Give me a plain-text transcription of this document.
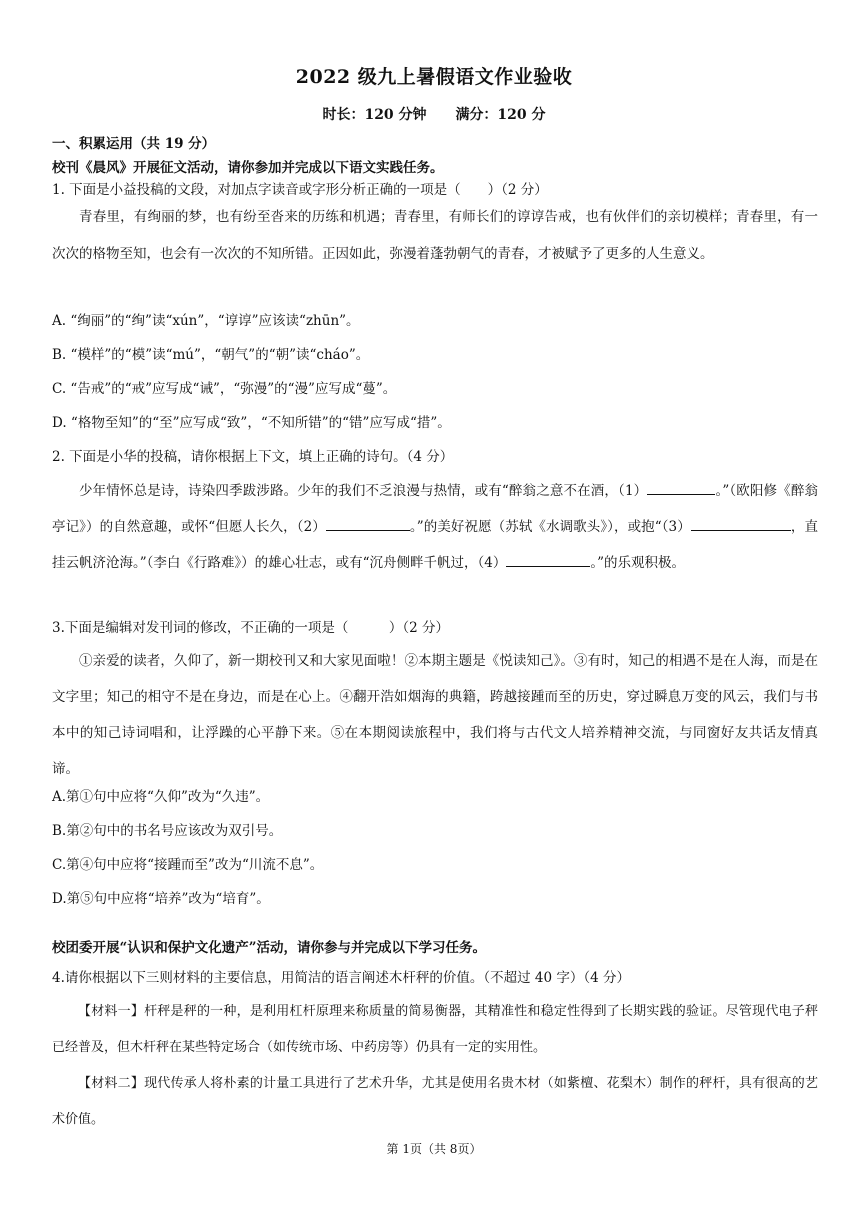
2022 级九上暑假语文作业验收
时长：120 分钟 满分：120 分
一、积累运用（共 19 分）
校刊《晨风》开展征文活动，请你参加并完成以下语文实践任务。
1. 下面是小益投稿的文段，对加点字读音或字形分析正确的一项是（　　）（2 分）
青春里，有绚丽的梦，也有纷至沓来的历练和机遇；青春里，有师长们的谆谆告戒，也有伙伴们的亲切模样；青春里，有一次次的格物至知，也会有一次次的不知所错。正因如此，弥漫着蓬勃朝气的青春，才被赋予了更多的人生意义。
A. “绚丽”的“绚”读“xún”，“谆谆”应该读“zhūn”。
B. “模样”的“模”读“mú”，“朝气”的“朝”读“cháo”。
C. “告戒”的“戒”应写成“诫”，“弥漫”的“漫”应写成“蔓”。
D. “格物至知”的“至”应写成“致”，“不知所错”的“错”应写成“措”。
2. 下面是小华的投稿，请你根据上下文，填上正确的诗句。（4 分）
少年情怀总是诗，诗染四季跋涉路。少年的我们不乏浪漫与热情，或有“醉翁之意不在酒，（1）	。”（欧阳修《醉翁亭记》）的自然意趣，或怀“但愿人长久，（2）	。”的美好祝愿（苏轼《水调歌头》），或抱“（3）	，直挂云帆济沧海。”（李白《行路难》）的雄心壮志，或有“沉舟侧畔千帆过，（4）	。”的乐观积极。
3.下面是编辑对发刊词的修改，不正确的一项是（　　　）（2 分）
①亲爱的读者，久仰了，新一期校刊又和大家见面啦！②本期主题是《悦读知己》。③有时，知己的相遇不是在人海，而是在文字里；知己的相守不是在身边，而是在心上。④翻开浩如烟海的典籍，跨越接踵而至的历史，穿过瞬息万变的风云，我们与书本中的知己诗词唱和，让浮躁的心平静下来。⑤在本期阅读旅程中，我们将与古代文人培养精神交流，与同窗好友共话友情真谛。
A.第①句中应将“久仰”改为“久违”。
B.第②句中的书名号应该改为双引号。
C.第④句中应将“接踵而至”改为“川流不息”。
D.第⑤句中应将“培养”改为“培育”。
校团委开展“认识和保护文化遗产”活动，请你参与并完成以下学习任务。
4.请你根据以下三则材料的主要信息，用简洁的语言阐述木杆秤的价值。（不超过 40 字）（4 分）
【材料一】杆秤是秤的一种，是利用杠杆原理来称质量的简易衡器，其精准性和稳定性得到了长期实践的验证。尽管现代电子秤已经普及，但木杆秤在某些特定场合（如传统市场、中药房等）仍具有一定的实用性。
【材料二】现代传承人将朴素的计量工具进行了艺术升华，尤其是使用名贵木材（如紫檀、花梨木）制作的秤杆，具有很高的艺术价值。
第 1页（共 8页）
